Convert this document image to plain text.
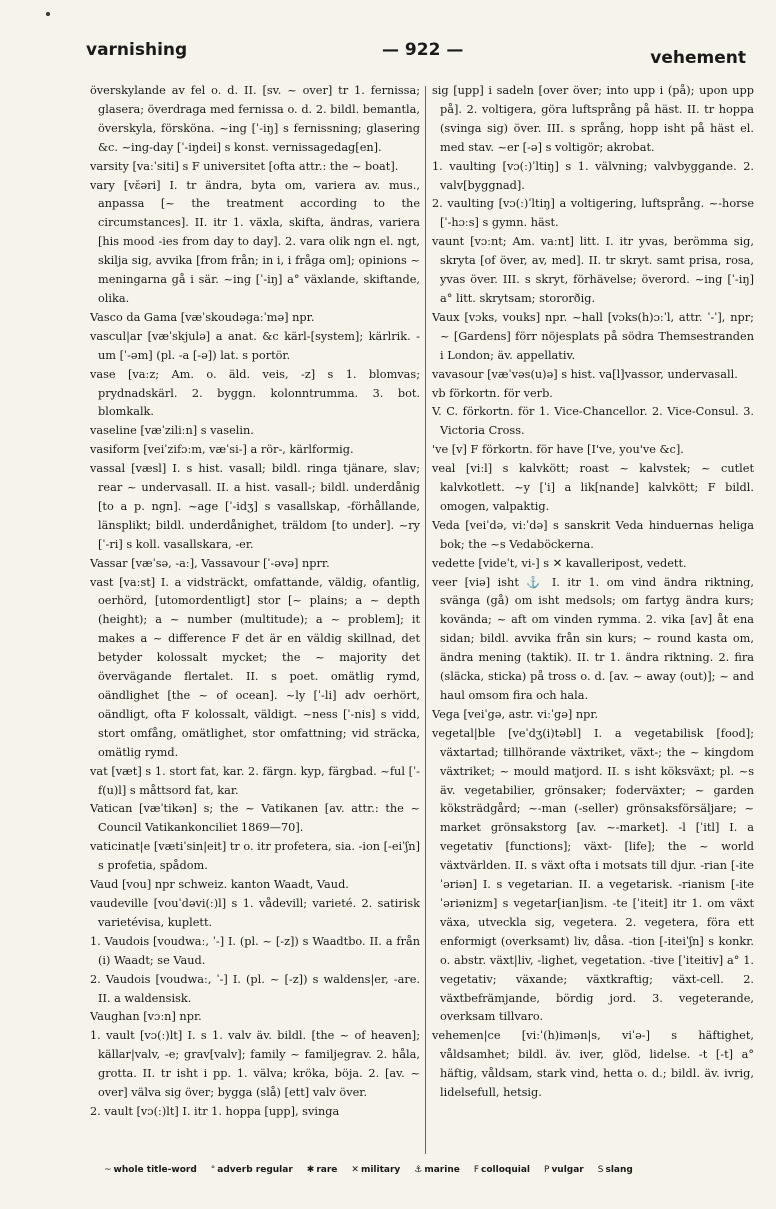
varnishing	— 922 —	vehement

överskylande av fel o. d. II. [sv. ~ over] tr 1. fernissa; glasera; överdraga med fernissa o. d. 2. bildl. bemantla, överskyla, försköna. ~ing [ˈ-iŋ] s fernissning; glasering &c. ~ing-day [ˈ-iŋdei] s konst. vernissagedag[en].

varsity [vaːˈsiti] s F universitet [ofta attr.: the ~ boat].

vary [vɛ̆əri] I. tr ändra, byta om, variera av. mus., anpassa [~ the treatment according to the circumstances]. II. itr 1. växla, skifta, ändras, variera [his mood -ies from day to day]. 2. vara olik ngn el. ngt, skilja sig, avvika [from från; in i, i fråga om]; opinions ~ meningarna gå i sär. ~ing [ˈ-iŋ] a° växlande, skiftande, olika.

Vasco da Gama [væˈskoudəgaːˈmə] npr.

vascul|ar [væˈskjulə] a anat. &c kärl-[system]; kärlrik. -um [ˈ-əm] (pl. -a [-ə]) lat. s portör.

vase [vaːz; Am. o. äld. veis, -z] s 1. blomvas; prydnadskärl. 2. byggn. kolonntrumma. 3. bot. blomkalk.

vaseline [væˈziliːn] s vaselin.

vasiform [veiˈzifɔːm, væˈsi-] a rör-, kärlformig.

vassal [væsl] I. s hist. vasall; bildl. ringa tjänare, slav; rear ~ undervasall. II. a hist. vasall-; bildl. underdånig [to a p. ngn]. ~age [ˈ-idʒ] s vasallskap, -förhållande, länsplikt; bildl. underdånighet, träldom [to under]. ~ry [ˈ-ri] s koll. vasallskara, -er.

Vassar [væˈsə, -aː], Vassavour [ˈ-əvə] nprr.

vast [vaːst] I. a vidsträckt, omfattande, väldig, ofantlig, oerhörd, [utomordentligt] stor [~ plains; a ~ depth (height); a ~ number (multitude); a ~ problem]; it makes a ~ difference F det är en väldig skillnad, det betyder kolossalt mycket; the ~ majority det övervägande flertalet. II. s poet. omätlig rymd, oändlighet [the ~ of ocean]. ~ly [ˈ-li] adv oerhört, oändligt, ofta F kolossalt, väldigt. ~ness [ˈ-nis] s vidd, stort omfång, omätlighet, stor omfattning; vid sträcka, omätlig rymd.

vat [væt] s 1. stort fat, kar. 2. färgn. kyp, färgbad. ~ful [ˈ-f(u)l] s måttsord fat, kar.

Vatican [væˈtikən] s; the ~ Vatikanen [av. attr.: the ~ Council Vatikankonciliet 1869—70].

vaticinat|e [vætiˈsin|eit] tr o. itr profetera, sia. -ion [-eiˈʃn] s profetia, spådom.

Vaud [vou] npr schweiz. kanton Waadt, Vaud.

vaudeville [vouˈdəvi(ː)l] s 1. vådevill; varieté. 2. satirisk varietévisa, kuplett.

1. Vaudois [voudwaː, ˈ-] I. (pl. ~ [-z]) s Waadtbo. II. a från (i) Waadt; se Vaud.

2. Vaudois [voudwaː, ˈ-] I. (pl. ~ [-z]) s waldens|er, -are. II. a waldensisk.

Vaughan [vɔːn] npr.

1. vault [vɔ(ː)lt] I. s 1. valv äv. bildl. [the ~ of heaven]; källar|valv, -e; grav[valv]; family ~ familjegrav. 2. håla, grotta. II. tr isht i pp. 1. välva; kröka, böja. 2. [av. ~ over] välva sig över; bygga (slå) [ett] valv över.

2. vault [vɔ(ː)lt] I. itr 1. hoppa [upp], svinga

sig [upp] i sadeln [over över; into upp i (på); upon upp på]. 2. voltigera, göra luftsprång på häst. II. tr hoppa (svinga sig) över. III. s språng, hopp isht på häst el. med stav. ~er [-ə] s voltigör; akrobat.

1. vaulting [vɔ(ː)ˈltiŋ] s 1. välvning; valvbyggande. 2. valv[byggnad].

2. vaulting [vɔ(ː)ˈltiŋ] a voltigering, luftsprång. ~-horse [ˈ-hɔːs] s gymn. häst.

vaunt [vɔːnt; Am. vaːnt] litt. I. itr yvas, berömma sig, skryta [of över, av, med]. II. tr skryt. samt prisa, rosa, yvas över. III. s skryt, förhävelse; överord. ~ing [ˈ-iŋ] a° litt. skrytsam; stororðig.

Vaux [vɔks, vouks] npr. ~hall [vɔks(h)ɔːˈl, attr. ˈ-ˈ], npr; ~ [Gardens] förr nöjesplats på södra Themsestranden i London; äv. appellativ.

vavasour [væˈvəs(u)ə] s hist. va[l]vassor, undervasall.

vb förkortn. för verb.

V. C. förkortn. för 1. Vice-Chancellor. 2. Vice-Consul. 3. Victoria Cross.

've [v] F förkortn. för have [I've, you've &c].

veal [viːl] s kalvkött; roast ~ kalvstek; ~ cutlet kalvkotlett. ~y [ˈi] a lik[nande] kalvkött; F bildl. omogen, valpaktig.

Veda [veiˈdə, viːˈdə] s sanskrit Veda hinduernas heliga bok; the ~s Vedaböckerna.

vedette [videˈt, vi-] s ✕ kavalleripost, vedett.

veer [viə] isht ⚓ I. itr 1. om vind ändra riktning, svänga (gå) om isht medsols; om fartyg ändra kurs; kovända; ~ aft om vinden rymma. 2. vika [av] åt ena sidan; bildl. avvika från sin kurs; ~ round kasta om, ändra mening (taktik). II. tr 1. ändra riktning. 2. fira (släcka, sticka) på tross o. d. [av. ~ away (out)]; ~ and haul omsom fira och hala.

Vega [veiˈgə, astr. viːˈgə] npr.

vegetal|ble [veˈdʒ(i)təbl] I. a vegetabilisk [food]; växtartad; tillhörande växtriket, växt-; the ~ kingdom växtriket; ~ mould matjord. II. s isht köksväxt; pl. ~s äv. vegetabilier, grönsaker; foderväxter; ~ garden köksträdgård; ~-man (-seller) grönsaksförsäljare; ~ market grönsakstorg [av. ~-market]. -l [ˈitl] I. a vegetativ [functions]; växt- [life]; the ~ world växtvärlden. II. s växt ofta i motsats till djur. -rian [-iteˈəriən] I. s vegetarian. II. a vegetarisk. -rianism [-iteˈəriənizm] s vegetar[ian]ism. -te [ˈiteit] itr 1. om växt växa, utveckla sig, vegetera. 2. vegetera, föra ett enformigt (overksamt) liv, dåsa. -tion [-iteiˈʃn] s konkr. o. abstr. växt|liv, -lighet, vegetation. -tive [ˈiteitiv] a° 1. vegetativ; växande; växtkraftig; växt-cell. 2. växtbefrämjande, bördig jord. 3. vegeterande, overksam tillvaro.

vehemen|ce [viːˈ(h)imən|s, viˈə-] s häftighet, våldsamhet; bildl. äv. iver, glöd, lidelse. -t [-t] a° häftig, våldsam, stark vind, hetta o. d.; bildl. äv. ivrig, lidelsefull, hetsig.

~ whole title-word ° adverb regular ✱ rare ✕ military ⚓ marine F colloquial P vulgar S slang
